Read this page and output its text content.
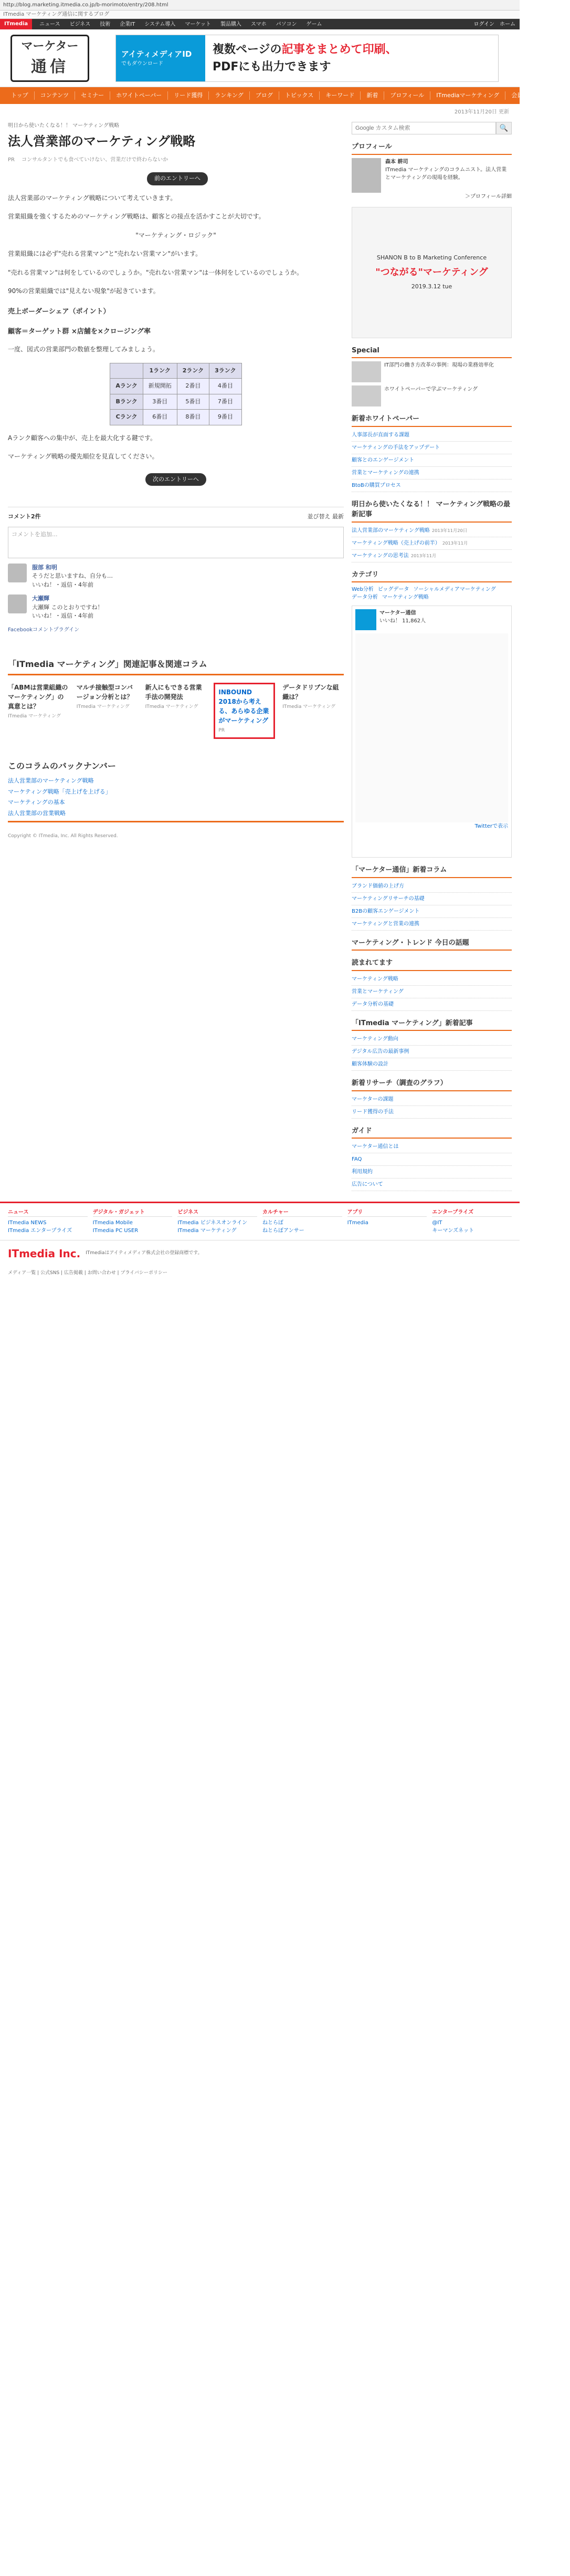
http://blog.marketing.itmedia.co.jp/b-morimoto/entry/208.html
ITmedia マーケティング通信に関するブログ
ITmedia	ニュース ビジネス 技術 企業IT システム導入 マーケット 製品購入 スマホ パソコン ゲーム	ログイン ホーム
マーケター
通信
アイティメディアID
でもダウンロード
複数ページの記事をまとめて印刷、
PDFにも出力できます
トップ	コンテンツ	セミナー	ホワイトペーパー	リード獲得	ランキング	ブログ	トピックス	キーワード	新着	プロフィール	ITmediaマーケティング	会員登録	その他
2013年11月20日 更新
明日から使いたくなる！！ マーケティング戦略
法人営業部のマーケティング戦略
PR コンサルタントでも食べていけない、営業だけで終わらないか
前のエントリーへ

法人営業部のマーケティング戦略について考えていきます。

営業組織を強くするためのマーケティング戦略は、顧客との接点を活かすことが大切です。

"マーケティング・ロジック"

営業組織には必ず"売れる営業マン"と"売れない営業マン"がいます。

"売れる営業マン"は何をしているのでしょうか。"売れない営業マン"は一体何をしているのでしょうか。

90%の営業組織では"見えない現象"が起きています。

売上ボーダーシェア（ポイント）
顧客＝ターゲット群 ×店舗を×クロージング率

一度、図式の営業部門の数値を整理してみましょう。

	1ランク	2ランク	3ランク
Aランク	新規開拓	2番目	4番目
Bランク	3番目	5番目	7番目
Cランク	6番目	8番目	9番目

Aランク顧客への集中が、売上を最大化する鍵です。

マーケティング戦略の優先順位を見直してください。

次のエントリーへ
コメント2件	並び替え 最新
コメントを追加...
服部 和明
そうだと思いますね、自分も…
いいね！・返信・4年前
大瀬輝
大瀬輝 このとおりですね！
いいね！・返信・4年前
Facebookコメントプラグイン
「ITmedia マーケティング」関連記事＆関連コラム
「ABMは営業組織のマーケティング」の真意とは？
ITmedia マーケティング
マルチ接触型コンバージョン分析とは？
ITmedia マーケティング
新人にもできる営業手法の開発法
ITmedia マーケティング
INBOUND 2018から考える、あらゆる企業がマーケティング
PR
データドリブンな組織は？
ITmedia マーケティング
このコラムのバックナンバー
法人営業部のマーケティング戦略
マーケティング戦略「売上げを上げる」
マーケティングの基本
法人営業部の営業戦略
Copyright © ITmedia, Inc. All Rights Reserved.
Google カスタム検索
🔍
プロフィール
森本 耕司
ITmedia マーケティングのコラムニスト。法人営業とマーケティングの現場を経験。
＞プロフィール詳細
SHANON B to B Marketing Conference
"つながる"マーケティング
2019.3.12 tue
Special
IT部門の働き方改革の事例：現場の業務効率化
ホワイトペーパーで学ぶマーケティング
新着ホワイトペーパー
人事部長が直面する課題
マーケティングの手法をアップデート
顧客とのエンゲージメント
営業とマーケティングの連携
BtoBの購買プロセス
明日から使いたくなる！！ マーケティング戦略の最新記事
法人営業部のマーケティング戦略 2013年11月20日
マーケティング戦略（売上げの前半） 2013年11月
マーケティングの思考法 2013年11月
カテゴリ
Web分析 ビッグデータ ソーシャルメディアマーケティングデータ分析 マーケティング戦略
マーケター通信
いいね！ 11,862人
Twitterで表示
「マーケター通信」新着コラム
ブランド価値の上げ方
マーケティングリサーチの基礎
B2Bの顧客エンゲージメント
マーケティングと営業の連携
マーケティング・トレンド 今日の話題
読まれてます
マーケティング戦略
営業とマーケティング
データ分析の基礎
「ITmedia マーケティング」新着記事
マーケティング動向
デジタル広告の最新事例
顧客体験の設計
新着リサーチ（調査のグラフ）
マーケターの課題
リード獲得の手法
ガイド
マーケター通信とは
FAQ
利用規約
広告について
ニュース
ITmedia NEWS
ITmedia エンタープライズ
デジタル・ガジェット
ITmedia Mobile
ITmedia PC USER
ビジネス
ITmedia ビジネスオンライン
ITmedia マーケティング
カルチャー
ねとらぼ
ねとらぼアンサー
アプリ
ITmedia
エンタープライズ
@IT
キーマンズネット
ITmedia Inc. ITmediaはアイティメディア株式会社の登録商標です。
メディア一覧 | 公式SNS | 広告掲載 | お問い合わせ | プライバシーポリシー
